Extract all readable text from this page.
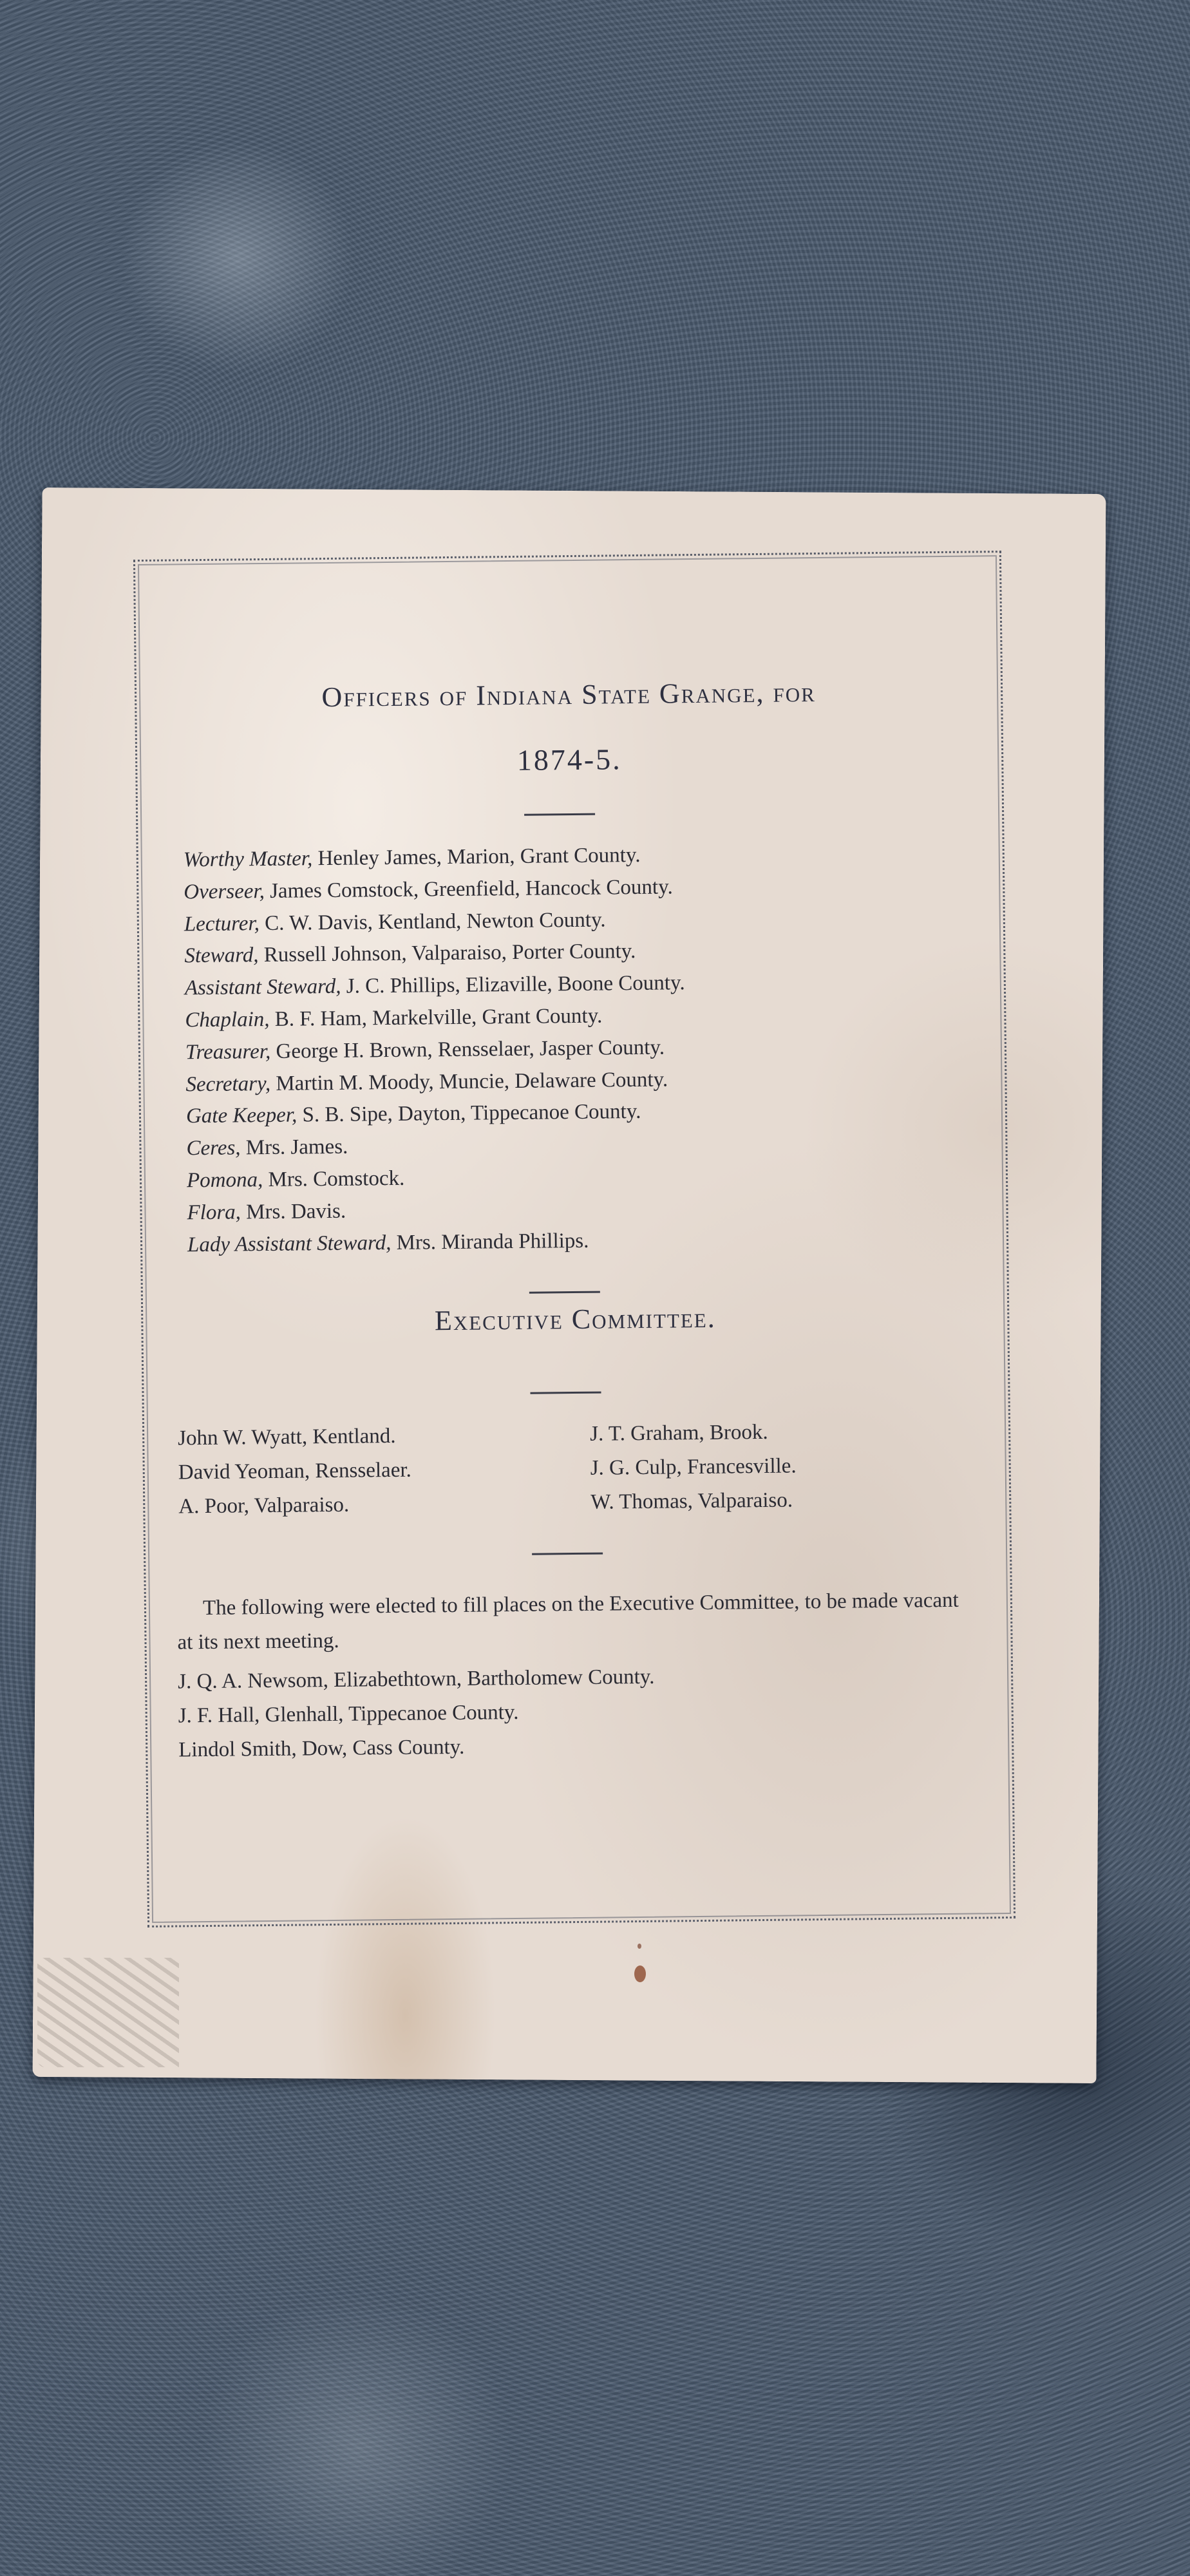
Officers of Indiana State Grange, for
1874-5.
Worthy Master, Henley James, Marion, Grant County.
Overseer, James Comstock, Greenfield, Hancock County.
Lecturer, C. W. Davis, Kentland, Newton County.
Steward, Russell Johnson, Valparaiso, Porter County.
Assistant Steward, J. C. Phillips, Elizaville, Boone County.
Chaplain, B. F. Ham, Markelville, Grant County.
Treasurer, George H. Brown, Rensselaer, Jasper County.
Secretary, Martin M. Moody, Muncie, Delaware County.
Gate Keeper, S. B. Sipe, Dayton, Tippecanoe County.
Ceres, Mrs. James.
Pomona, Mrs. Comstock.
Flora, Mrs. Davis.
Lady Assistant Steward, Mrs. Miranda Phillips.
Executive Committee.
John W. Wyatt, Kentland.
David Yeoman, Rensselaer.
A. Poor, Valparaiso.
J. T. Graham, Brook.
J. G. Culp, Francesville.
W. Thomas, Valparaiso.

The following were elected to fill places on the Executive Committee, to be made vacant at its next meeting.

J. Q. A. Newsom, Elizabethtown, Bartholomew County.

J. F. Hall, Glenhall, Tippecanoe County.

Lindol Smith, Dow, Cass County.
